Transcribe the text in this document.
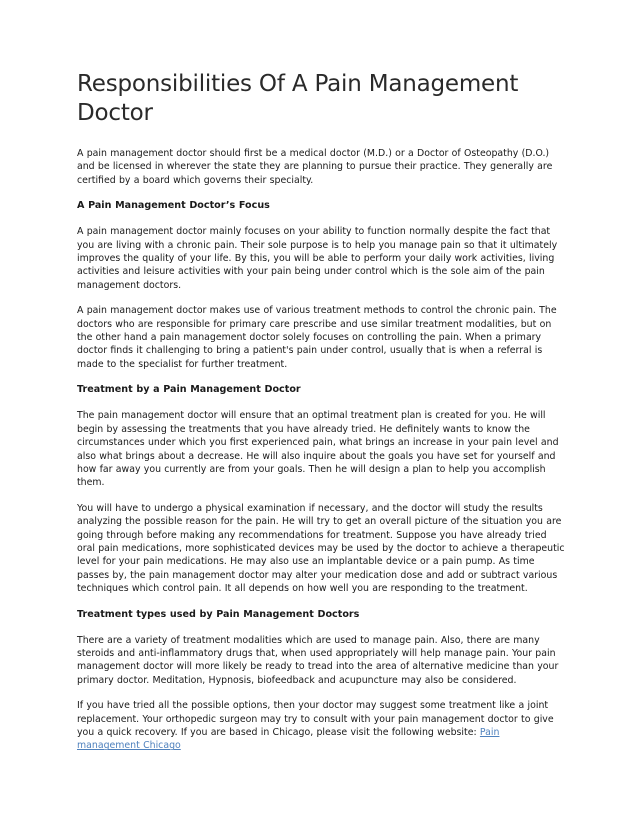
Responsibilities Of A Pain Management Doctor

A pain management doctor should first be a medical doctor (M.D.) or a Doctor of Osteopathy (D.O.) and be licensed in wherever the state they are planning to pursue their practice. They generally are certified by a board which governs their specialty.

A Pain Management Doctor’s Focus

A pain management doctor mainly focuses on your ability to function normally despite the fact that you are living with a chronic pain. Their sole purpose is to help you manage pain so that it ultimately improves the quality of your life. By this, you will be able to perform your daily work activities, living activities and leisure activities with your pain being under control which is the sole aim of the pain management doctors.

A pain management doctor makes use of various treatment methods to control the chronic pain. The doctors who are responsible for primary care prescribe and use similar treatment modalities, but on the other hand a pain management doctor solely focuses on controlling the pain. When a primary doctor finds it challenging to bring a patient's pain under control, usually that is when a referral is made to the specialist for further treatment.

Treatment by a Pain Management Doctor

The pain management doctor will ensure that an optimal treatment plan is created for you. He will begin by assessing the treatments that you have already tried. He definitely wants to know the circumstances under which you first experienced pain, what brings an increase in your pain level and also what brings about a decrease. He will also inquire about the goals you have set for yourself and how far away you currently are from your goals. Then he will design a plan to help you accomplish them.

You will have to undergo a physical examination if necessary, and the doctor will study the results analyzing the possible reason for the pain. He will try to get an overall picture of the situation you are going through before making any recommendations for treatment. Suppose you have already tried oral pain medications, more sophisticated devices may be used by the doctor to achieve a therapeutic level for your pain medications. He may also use an implantable device or a pain pump. As time passes by, the pain management doctor may alter your medication dose and add or subtract various techniques which control pain. It all depends on how well you are responding to the treatment.

Treatment types used by Pain Management Doctors

There are a variety of treatment modalities which are used to manage pain. Also, there are many steroids and anti-inflammatory drugs that, when used appropriately will help manage pain. Your pain management doctor will more likely be ready to tread into the area of alternative medicine than your primary doctor. Meditation, Hypnosis, biofeedback and acupuncture may also be considered.

If you have tried all the possible options, then your doctor may suggest some treatment like a joint replacement. Your orthopedic surgeon may try to consult with your pain management doctor to give you a quick recovery. If you are based in Chicago, please visit the following website: Pain management Chicago
